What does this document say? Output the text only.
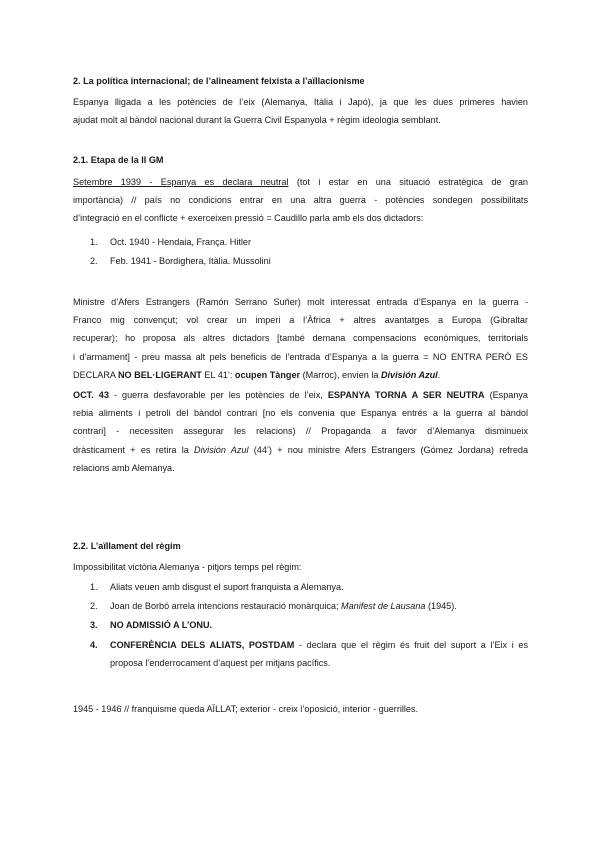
2. La política internacional; de l’alineament feixista a l’aïllacionisme

Espanya lligada a les potències de l’eix (Alemanya, Itàlia i Japó), ja que les dues primeres havien
ajudat molt al bàndol nacional durant la Guerra Civil Espanyola + règim ideologia semblant.

2.1. Etapa de la II GM

Setembre 1939 - Espanya es declara neutral (tot i estar en una situació estratègica de gran
importància) // país no condicions entrar en una altra guerra - potències sondegen possibilitats
d’integració en el conflicte + exerceixen pressió = Caudillo parla amb els dos dictadors:
1. Oct. 1940 - Hendaia, França. Hitler
2. Feb. 1941 - Bordighera, Itàlia. Mussolini
Ministre d’Afers Estrangers (Ramón Serrano Suñer) molt interessat entrada d’Espanya en la guerra -
Franco mig convençut; vol crear un imperi a l’Àfrica + altres avantatges a Europa (Gibraltar
recuperar); ho proposa als altres dictadors [també demana compensacions econòmiques, territorials
i d’armament] - preu massa alt pels beneficis de l’entrada d’Espanya a la guerra = NO ENTRA PERÒ ES
DECLARA NO BEL·LIGERANT EL 41’: ocupen Tànger (Marroc), envien la División Azul.
OCT. 43 - guerra desfavorable per les potències de l’eix, ESPANYA TORNA A SER NEUTRA (Espanya
rebia aliments i petroli del bàndol contrari [no els convenia que Espanya entrés a la guerra al bàndol
contrari] - necessiten assegurar les relacions) // Propaganda a favor d’Alemanya disminueix
dràsticament + es retira la División Azul (44’) + nou ministre Afers Estrangers (Gómez Jordana) refreda
relacions amb Alemanya.

2.2. L’aïllament del règim

Impossibilitat victòria Alemanya - pitjors temps pel règim:

1. Aliats veuen amb disgust el suport franquista a Alemanya.
2. Joan de Borbó arrela intencions restauració monàrquica; Manifest de Lausana (1945).
3. NO ADMISSIÓ A L’ONU.
4. CONFERÈNCIA DELS ALIATS, POSTDAM - declara que el règim és fruit del suport a l’Eix i es
proposa l’enderrocament d’aquest per mitjans pacífics.

1945 - 1946 // franquisme queda AÏLLAT; exterior - creix l’oposició, interior - guerrilles.
